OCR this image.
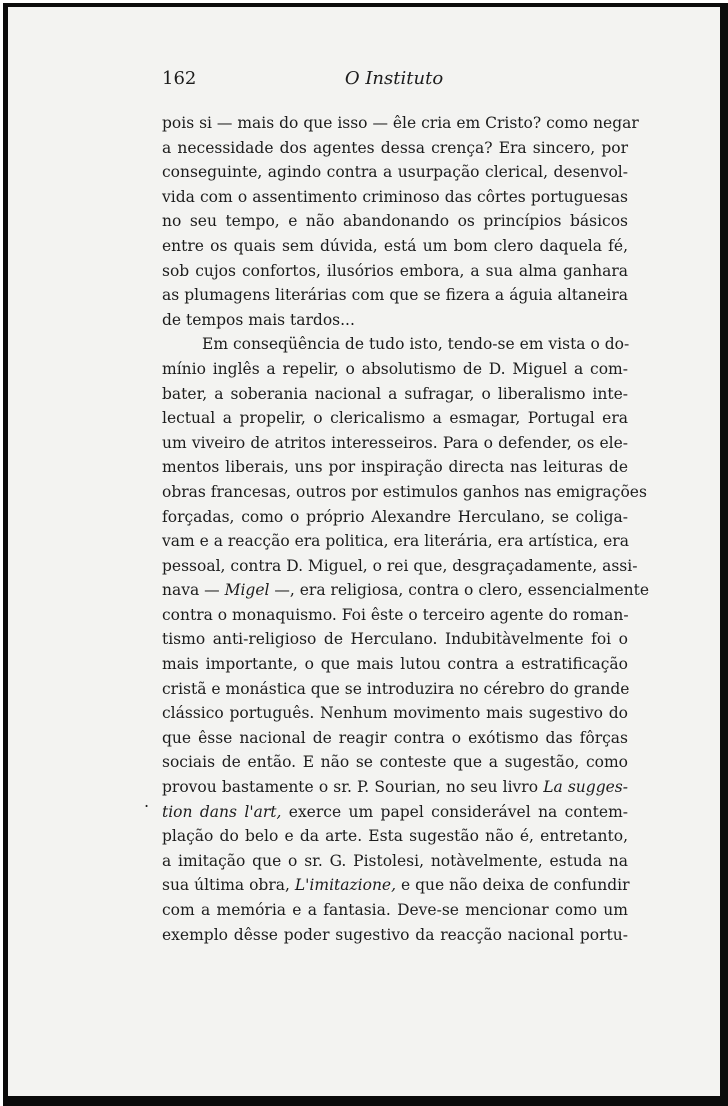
O Instituto
162
.
pois si — mais do que isso — êle cria em Cristo? como negar
a necessidade dos agentes dessa crença? Era sincero, por
conseguinte, agindo contra a usurpação clerical, desenvol-
vida com o assentimento criminoso das côrtes portuguesas
no seu tempo, e não abandonando os princípios básicos
entre os quais sem dúvida, está um bom clero daquela fé,
sob cujos confortos, ilusórios embora, a sua alma ganhara
as plumagens literárias com que se fizera a águia altaneira
de tempos mais tardos...
Em conseqüência de tudo isto, tendo-se em vista o do-
mínio inglês a repelir, o absolutismo de D. Miguel a com-
bater, a soberania nacional a sufragar, o liberalismo inte-
lectual a propelir, o clericalismo a esmagar, Portugal era
um viveiro de atritos interesseiros. Para o defender, os ele-
mentos liberais, uns por inspiração directa nas leituras de
obras francesas, outros por estimulos ganhos nas emigrações
forçadas, como o próprio Alexandre Herculano, se coliga-
vam e a reacção era politica, era literária, era artística, era
pessoal, contra D. Miguel, o rei que, desgraçadamente, assi-
nava — Migel —, era religiosa, contra o clero, essencialmente
contra o monaquismo. Foi êste o terceiro agente do roman-
tismo anti-religioso de Herculano. Indubitàvelmente foi o
mais importante, o que mais lutou contra a estratificação
cristã e monástica que se introduzira no cérebro do grande
clássico português. Nenhum movimento mais sugestivo do
que êsse nacional de reagir contra o exótismo das fôrças
sociais de então. E não se conteste que a sugestão, como
provou bastamente o sr. P. Sourian, no seu livro La sugges-
tion dans l'art, exerce um papel considerável na contem-
plação do belo e da arte. Esta sugestão não é, entretanto,
a imitação que o sr. G. Pistolesi, notàvelmente, estuda na
sua última obra, L'imitazione, e que não deixa de confundir
com a memória e a fantasia. Deve-se mencionar como um
exemplo dêsse poder sugestivo da reacção nacional portu-
